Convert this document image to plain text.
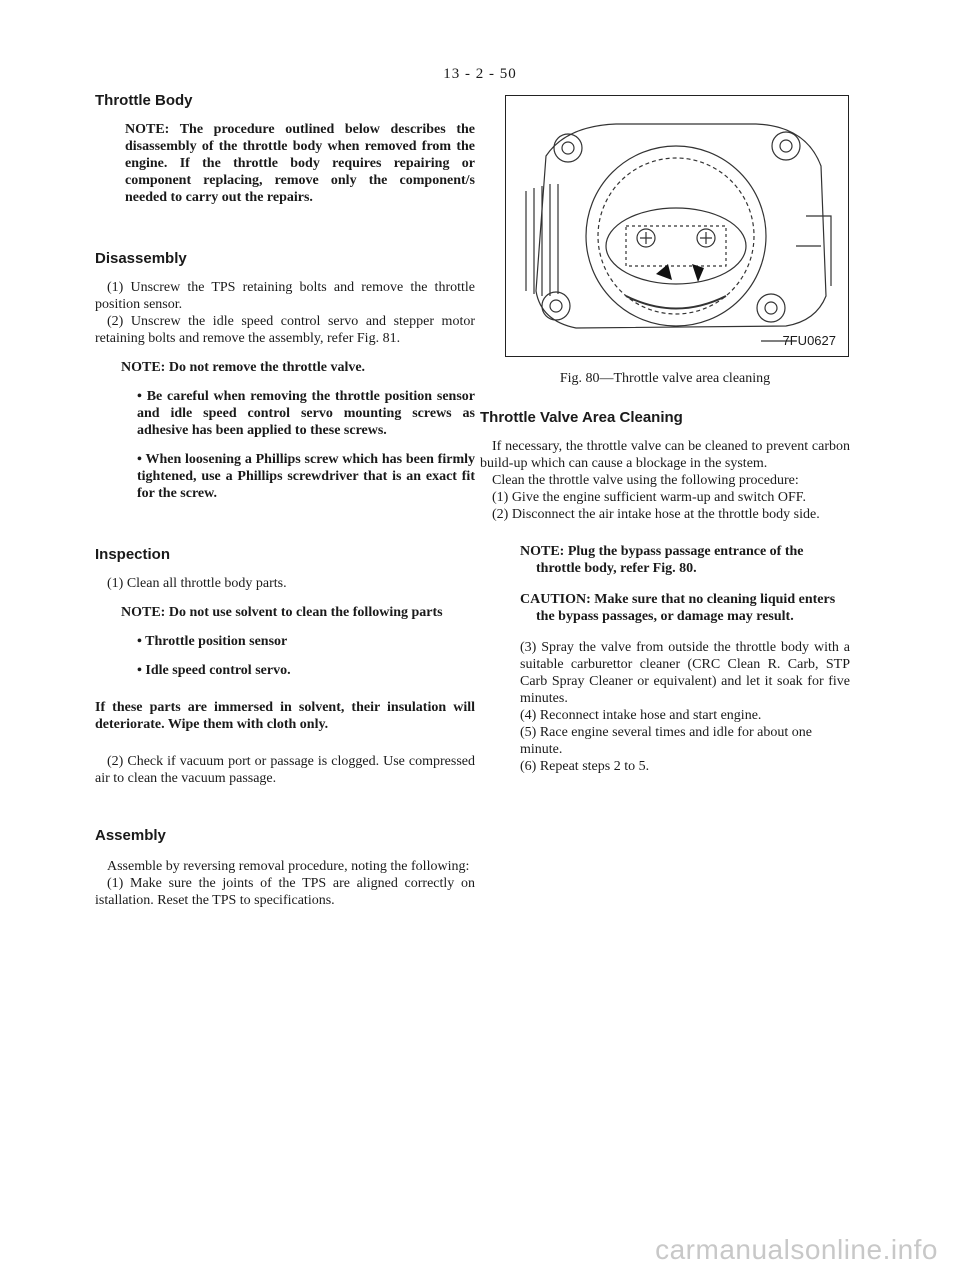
13 - 2 - 50
Throttle Body

NOTE: The procedure outlined below describes the disassembly of the throttle body when removed from the engine. If the throttle body requires repairing or component replacing, remove only the component/s needed to carry out the repairs.

Disassembly

(1) Unscrew the TPS retaining bolts and remove the throttle position sensor.

(2) Unscrew the idle speed control servo and stepper motor retaining bolts and remove the assembly, refer Fig. 81.

NOTE: Do not remove the throttle valve.

• Be careful when removing the throttle position sensor and idle speed control servo mounting screws as adhesive has been applied to these screws.

• When loosening a Phillips screw which has been firmly tightened, use a Phillips screwdriver that is an exact fit for the screw.

Inspection

(1) Clean all throttle body parts.

NOTE: Do not use solvent to clean the following parts

• Throttle position sensor

• Idle speed control servo.

If these parts are immersed in solvent, their insulation will deteriorate. Wipe them with cloth only.

(2) Check if vacuum port or passage is clogged. Use compressed air to clean the vacuum passage.

Assembly

Assemble by reversing removal procedure, noting the following:

(1) Make sure the joints of the TPS are aligned correctly on istallation. Reset the TPS to specifications.

7FU0627

Fig. 80—Throttle valve area cleaning

Throttle Valve Area Cleaning

If necessary, the throttle valve can be cleaned to prevent carbon build-up which can cause a blockage in the system.

Clean the throttle valve using the following procedure:

(1) Give the engine sufficient warm-up and switch OFF.

(2) Disconnect the air intake hose at the throttle body side.

NOTE: Plug the bypass passage entrance of the throttle body, refer Fig. 80.

CAUTION: Make sure that no cleaning liquid enters the bypass passages, or damage may result.

(3) Spray the valve from outside the throttle body with a suitable carburettor cleaner (CRC Clean R. Carb, STP Carb Spray Cleaner or equivalent) and let it soak for five minutes.

(4) Reconnect intake hose and start engine.

(5) Race engine several times and idle for about one minute.

(6) Repeat steps 2 to 5.

carmanualsonline.info
